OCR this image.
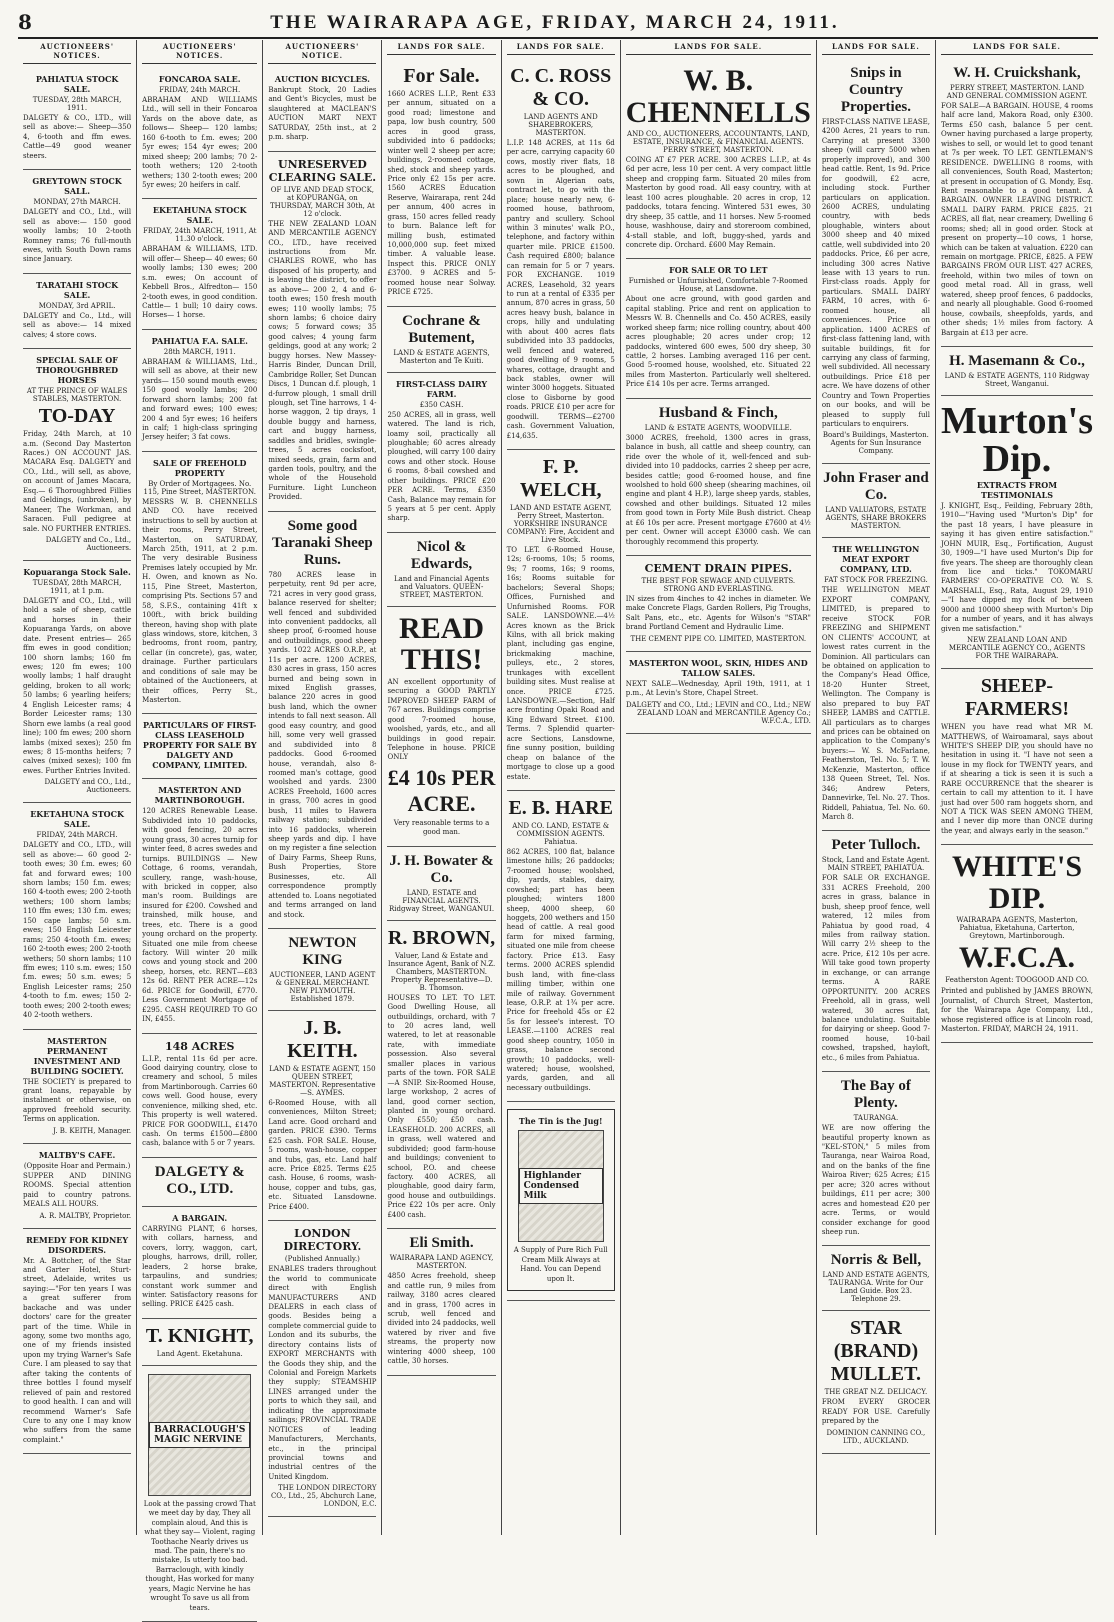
8	THE WAIRARAPA AGE, FRIDAY, MARCH 24, 1911.
AUCTIONEERS' NOTICES.
PAHIATUA STOCK SALE.
TUESDAY, 28th MARCH, 1911.

DALGETY & CO., LTD., will sell as above:— Sheep—350 4, 6-tooth and ffm ewes. Cattle—49 good weaner steers.

GREYTOWN STOCK SALL.
MONDAY, 27th MARCH.

DALGETY and CO., Ltd., will sell as above:— 150 good woolly lambs; 10 2-tooth Romney rams; 76 full-mouth ewes, with South Down rams since January.

TARATAHI STOCK SALE.
MONDAY, 3rd APRIL.

DALGETY and Co., Ltd., will sell as above:— 14 mixed calves; 4 store cows.

SPECIAL SALE OF THOROUGHBRED HORSES
AT THE PRINCE OF WALES STABLES, MASTERTON.
TO-DAY

Friday, 24th March, at 10 a.m. (Second Day Masterton Races.) ON ACCOUNT JAS. MACARA Esq. DALGETY and CO., Ltd., will sell, as above, on account of James Macara, Esq.— 6 Thoroughbred Fillies and Geldings, (unbroken), by Maneer, The Workman, and Saracen. Full pedigree at sale. NO FURTHER ENTRIES.

DALGETY and Co., Ltd., Auctioneers.

Kopuaranga Stock Sale.
TUESDAY, 28th MARCH, 1911, at 1 p.m.

DALGETY and CO., Ltd., will hold a sale of sheep, cattle and horses in their Kopuaranga Yards, on above date. Present entries— 265 ffm ewes in good condition; 100 shorn lambs; 160 fm ewes; 120 fm ewes; 100 woolly lambs; 1 half draught gelding, broken to all work; 50 lambs; 6 yearling heifers; 4 English Leicester rams; 4 Border Leicester rams; 130 Shorn ewe lambs (a real good line); 100 fm ewes; 200 shorn lambs (mixed sexes); 250 fm ewes; 8 15-months heifers; 7 calves (mixed sexes); 100 fm ewes. Further Entries Invited.

DALGETY and CO., Ltd., Auctioneers.

EKETAHUNA STOCK SALE.
FRIDAY, 24th MARCH.

DALGETY and CO., LTD., will sell as above:— 60 good 2-tooth ewes; 30 f.m. ewes; 60 fat and forward ewes; 100 shorn lambs; 150 f.m. ewes; 160 4-tooth ewes; 200 2-tooth wethers; 100 shorn lambs; 110 ffm ewes; 130 f.m. ewes; 150 cape lambs; 50 s.m. ewes; 150 English Leicester rams; 250 4-tooth f.m. ewes; 160 2-tooth ewes; 200 2-tooth wethers; 50 shorn lambs; 110 ffm ewes; 110 s.m. ewes; 150 f.m. ewes; 50 s.m. ewes; 5 English Leicester rams; 250 4-tooth to f.m. ewes; 150 2-tooth ewes; 200 2-tooth ewes; 40 2-tooth wethers.

MASTERTON PERMANENT INVESTMENT AND BUILDING SOCIETY.

THE SOCIETY is prepared to grant loans, repayable by instalment or otherwise, on approved freehold security. Terms on application.

J. B. KEITH, Manager.

MALTBY'S CAFE.
(Opposite Hoar and Permain.)

SUPPER AND DINING ROOMS. Special attention paid to country patrons. MEALS ALL HOURS.

A. R. MALTBY, Proprietor.

REMEDY FOR KIDNEY DISORDERS.

Mr. A. Bottcher, of the Star and Garter Hotel, Sturt-street, Adelaide, writes us saying:—"For ten years I was a great sufferer from backache and was under doctors' care for the greater part of the time. While in agony, some two months ago, one of my friends insisted upon my trying Warner's Safe Cure. I am pleased to say that after taking the contents of three bottles I found myself relieved of pain and restored to good health. I can and will recommend Warner's Safe Cure to any one I may know who suffers from the same complaint."

AUCTIONEERS' NOTICES.
FONCAROA SALE.
FRIDAY, 24th MARCH.

ABRAHAM AND WILLIAMS Ltd., will sell in their Foncaroa Yards on the above date, as follows— Sheep— 120 lambs; 160 6-tooth to f.m. ewes; 200 5yr ewes; 154 4yr ewes; 200 mixed sheep; 200 lambs; 70 2-tooth wethers; 120 2-tooth wethers; 130 2-tooth ewes; 200 5yr ewes; 20 heifers in calf.

EKETAHUNA STOCK SALE.
FRIDAY, 24th MARCH, 1911, At 11.30 o'clock.

ABRAHAM & WILLIAMS, LTD. will offer— Sheep— 40 ewes; 60 woolly lambs; 130 ewes; 200 s.m. ewes; On account of Kebbell Bros., Alfredton— 150 2-tooth ewes, in good condition. Cattle— 1 bull; 10 dairy cows. Horses— 1 horse.

PAHIATUA F.A. SALE.
28th MARCH, 1911.

ABRAHAM & WILLIAMS, Ltd., will sell as above, at their new yards— 150 sound mouth ewes; 150 good woolly lambs; 200 forward shorn lambs; 200 fat and forward ewes; 100 ewes; 200 4 and 5yr ewes; 16 heifers in calf; 1 high-class springing Jersey heifer; 3 fat cows.

SALE OF FREEHOLD PROPERTY
By Order of Mortgagees. No. 115, Pine Street, MASTERTON.

MESSRS W. B. CHENNELLS AND CO. have received instructions to sell by auction at their rooms, Perry Street, Masterton, on SATURDAY, March 25th, 1911, at 2 p.m. The very desirable Business Premises lately occupied by Mr. H. Owen, and known as No. 115, Pine Street, Masterton, comprising Pts. Sections 57 and 58, S.F.S., containing 41ft x 100ft., with brick building thereon, having shop with plate glass windows, store, kitchen, 3 bedrooms, front room, pantry, cellar (in concrete), gas, water, drainage. Further particulars and conditions of sale may be obtained of the Auctioneers, at their offices, Perry St., Masterton.

PARTICULARS OF FIRST-CLASS LEASEHOLD PROPERTY FOR SALE BY DALGETY AND COMPANY, LIMITED.
MASTERTON AND MARTINBOROUGH.

120 ACRES Renewable Lease. Subdivided into 10 paddocks, with good fencing, 20 acres young grass, 30 acres turnip for winter feed, 8 acres swedes and turnips. BUILDINGS — New Cottage, 6 rooms, verandah, scullery, range, wash-house, with bricked in copper, also man's room. Buildings are insured for £200. Cowshed and trainshed, milk house, and trees, etc. There is a good young orchard on the property. Situated one mile from cheese factory. Will winter 20 milk cows and young stock and 200 sheep, horses, etc. RENT—£83 12s 6d. RENT PER ACRE—12s 6d. PRICE for Goodwill, £770. Less Government Mortgage of £295. CASH REQUIRED TO GO IN, £455.

148 ACRES

L.I.P., rental 11s 6d per acre. Good dairying country, close to creamery and school, 5 miles from Martinborough. Carries 60 cows well. Good house, every convenience, milking shed, etc. This property is well watered. PRICE FOR GOODWILL, £1470 cash. On terms £1500—£800 cash, balance with 5 or 7 years.

DALGETY & CO., LTD.
A BARGAIN.

CARRYING PLANT, 6 horses, with collars, harness, and covers, lorry, waggon, cart, ploughs, harrows, drill, roller, leaders, 2 horse brake, tarpaulins, and sundries; constant work summer and winter. Satisfactory reasons for selling. PRICE £425 cash.

T. KNIGHT,
Land Agent. Eketahuna.
BARRACLOUGH'S MAGIC NERVINE

Look at the passing crowd That we meet day by day, They all complain aloud, And this is what they say— Violent, raging Toothache Nearly drives us mad. The pain, there's no mistake, Is utterly too bad. Barraclough, with kindly thought, Has worked for many years, Magic Nervine he has wrought To save us all from tears.

AUCTIONEERS' NOTICE.
AUCTION BICYCLES.

Bankrupt Stock, 20 Ladies and Gent's Bicycles, must be slaughtered at MACLEAN'S AUCTION MART NEXT SATURDAY, 25th inst., at 2 p.m. sharp.

UNRESERVED CLEARING SALE.
OF LIVE AND DEAD STOCK, at KOPURANGA, on THURSDAY, MARCH 30th, At 12 o'clock.

THE NEW ZEALAND LOAN AND MERCANTILE AGENCY CO., LTD., have received instructions from Mr. CHARLES ROWE, who has disposed of his property, and is leaving the district, to offer as above— 200 2, 4 and 6-tooth ewes; 150 fresh mouth ewes; 110 woolly lambs; 75 shorn lambs; 6 choice dairy cows; 5 forward cows; 35 good calves; 4 young farm geldings, good at any work; 2 buggy horses. New Massey-Harris Binder, Duncan Drill, Cambridge Roller, Set Duncan Discs, 1 Duncan d.f. plough, 1 d-furrow plough, 1 small drill plough, set Tine harrows, 1 4-horse waggon, 2 tip drays, 1 double buggy and harness, cart and buggy harness, saddles and bridles, swingle-trees, 5 acres cocksfoot, mixed seeds, grain, farm and garden tools, poultry, and the whole of the Household Furniture. Light Luncheon Provided.

Some good Taranaki Sheep Runs.

780 ACRES lease in perpetuity, rent 9d per acre, 721 acres in very good grass, balance reserved for shelter; well fenced and subdivided into convenient paddocks, all sheep proof, 6-roomed house and outbuildings, good sheep yards. 1022 ACRES O.R.P., at 11s per acre. 1200 ACRES, 830 acres in grass, 150 acres burned and being sown in mixed English grasses, balance 220 acres in good bush land, which the owner intends to fall next season. All good easy country, and good hill, some very well grassed and subdivided into 8 paddocks. Good 6-roomed house, verandah, also 8-roomed man's cottage, good woolshed and yards. 2300 ACRES Freehold, 1600 acres in grass, 700 acres in good bush, 11 miles to Hawera railway station; subdivided into 16 paddocks, wherein sheep yards and dip. I have on my register a fine selection of Dairy Farms, Sheep Runs, Bush Properties, Store Businesses, etc. All correspondence promptly attended to. Loans negotiated and terms arranged on land and stock.

NEWTON KING
AUCTIONEER, LAND AGENT & GENERAL MERCHANT. NEW PLYMOUTH. Established 1879.
J. B. KEITH.
LAND & ESTATE AGENT, 150 QUEEN STREET, MASTERTON. Representative—S. AYMES.

6-Roomed House, with all conveniences, Milton Street; Land acre. Good orchard and garden. PRICE £390. Terms £25 cash. FOR SALE. House, 5 rooms, wash-house, copper and tubs, gas, etc. Land half acre. Price £825. Terms £25 cash. House, 6 rooms, wash-house, copper and tubs, gas, etc. Situated Lansdowne. Price £400.

LONDON DIRECTORY.
(Published Annually.)

ENABLES traders throughout the world to communicate direct with English MANUFACTURERS AND DEALERS in each class of goods. Besides being a complete commercial guide to London and its suburbs, the directory contains lists of EXPORT MERCHANTS with the Goods they ship, and the Colonial and Foreign Markets they supply; STEAMSHIP LINES arranged under the ports to which they sail, and indicating the approximate sailings; PROVINCIAL TRADE NOTICES of leading Manufacturers, Merchants, etc., in the principal provincial towns and industrial centres of the United Kingdom.

THE LONDON DIRECTORY CO., Ltd., 25, Abchurch Lane, LONDON, E.C.

LANDS FOR SALE.
For Sale.

1660 ACRES L.I.P., Rent £33 per annum, situated on a good road; limestone and papa, low bush country, 500 acres in good grass, subdivided into 6 paddocks; winter well 2 sheep per acre; buildings, 2-roomed cottage, shed, stock and sheep yards. Price only £2 15s per acre. 1560 ACRES Education Reserve, Wairarapa, rent 24d per annum, 400 acres in grass, 150 acres felled ready to burn. Balance left for milling bush, estimated 10,000,000 sup. feet mixed timber. A valuable lease. Inspect this. PRICE ONLY £3700. 9 ACRES and 5-roomed house near Solway. PRICE £725.

Cochrane & Butement,
LAND & ESTATE AGENTS, Masterton and Te Kuiti.
FIRST-CLASS DAIRY FARM.
£350 CASH.

250 ACRES, all in grass, well watered. The land is rich, loamy soil, practically all ploughable; 60 acres already ploughed, will carry 100 dairy cows and other stock. House 6 rooms, 8-bail cowshed and other buildings. PRICE £20 PER ACRE. Terms, £350 Cash, Balance may remain for 5 years at 5 per cent. Apply sharp.

Nicol & Edwards,
Land and Financial Agents and Valuators. QUEEN-STREET, MASTERTON.
READ THIS!

AN excellent opportunity of securing a GOOD PARTLY IMPROVED SHEEP FARM of 767 acres. Buildings comprise good 7-roomed house, woolshed, yards, etc., and all buildings in good repair. Telephone in house. PRICE ONLY

£4 10s PER ACRE.

Very reasonable terms to a good man.

J. H. Bowater & Co.
LAND, ESTATE and FINANCIAL AGENTS. Ridgway Street, WANGANUI.
R. BROWN,
Valuer, Land & Estate and Insurance Agent, Bank of N.Z. Chambers, MASTERTON. Property Representative—D. B. Thomson.

HOUSES TO LET. TO LET. Good Dwelling House, all outbuildings, orchard, with 7 to 20 acres land, well watered, to let at reasonable rate, with immediate possession. Also several smaller places in various parts of the town. FOR SALE—A SNIP. Six-Roomed House, large workshop, 2 acres of land, good corner section, planted in young orchard. Only £550; £50 cash. LEASEHOLD. 200 ACRES, all in grass, well watered and subdivided; good farm-house and buildings; convenient to school, P.O. and cheese factory. 400 ACRES, all ploughable, good dairy farm, good house and outbuildings. Price £22 10s per acre. Only £400 cash.

Eli Smith.
WAIRARAPA LAND AGENCY, MASTERTON.

4850 Acres freehold, sheep and cattle run, 9 miles from railway, 3180 acres cleared and in grass, 1700 acres in scrub, well fenced and divided into 24 paddocks, well watered by river and five streams, the property now wintering 4000 sheep, 100 cattle, 30 horses.

LANDS FOR SALE.
C. C. ROSS & CO.
LAND AGENTS AND SHAREBROKERS, MASTERTON.

L.I.P. 148 ACRES, at 11s 6d per acre, carrying capacity 60 cows, mostly river flats, 18 acres to be ploughed, and sown in Algerian oats, contract let, to go with the place; house nearly new, 6-roomed house, bathroom, pantry and scullery. School within 3 minutes' walk P.O., telephone, and factory within quarter mile. PRICE £1500. Cash required £800; balance can remain for 5 or 7 years. FOR EXCHANGE. 1019 ACRES, Leasehold, 32 years to run at a rental of £335 per annum, 870 acres in grass, 50 acres heavy bush, balance in crops, hilly and undulating with about 400 acres flats subdivided into 33 paddocks, well fenced and watered, good dwelling of 9 rooms, 5 whares, cottage, draught and back stables, owner will winter 3000 hoggets. Situated close to Gisborne by good roads. PRICE £10 per acre for goodwill. TERMS—£2700 cash. Government Valuation, £14,635.

F. P. WELCH,
LAND AND ESTATE AGENT, Perry Street, Masterton. YORKSHIRE INSURANCE COMPANY: Fire, Accident and Live Stock.

TO LET. 6-Roomed House, 12s; 6-rooms, 10s; 5 rooms, 9s; 7 rooms, 16s; 9 rooms, 16s; Rooms suitable for bachelors; Several Shops; Offices, Furnished and Unfurnished Rooms. FOR SALE. LANSDOWNE.—4½ Acres known as the Brick Kilns, with all brick making plant, including gas engine, brickmaking machine, pulleys, etc., 2 stores, trunkages with excellent building sites. Must realise at once. PRICE £725. LANSDOWNE.—Section, Half acre fronting Opaki Road and King Edward Street. £100. Terms. 7 Splendid quarter-acre Sections, Lansdowne, fine sunny position, building cheap on balance of the mortgage to close up a good estate.

E. B. HARE
AND CO. LAND, ESTATE & COMMISSION AGENTS. Pahiatua.

862 ACRES, 100 flat, balance limestone hills; 26 paddocks; 7-roomed house; woolshed, dip, yards, stables, dairy, cowshed; part has been ploughed; winters 1800 sheep, 4000 sheep, 60 hoggets, 200 wethers and 150 head of cattle. A real good farm for mixed farming, situated one mile from cheese factory. Price £13. Easy terms. 2000 ACRES splendid bush land, with fine-class milling timber, within one mile of railway. Government lease, O.R.P. at 1¾ per acre. Price for freehold 45s or £2 5s for lessee's interest. TO LEASE.—1100 ACRES real good sheep country, 1050 in grass, balance second growth; 10 paddocks, well-watered; house, woolshed, yards, garden, and all necessary outbuildings.

The Tin is the Jug!
Highlander Condensed Milk

A Supply of Pure Rich Full Cream Milk Always at Hand. You can Depend upon It.

LANDS FOR SALE.
W. B. CHENNELLS
AND CO., AUCTIONEERS, ACCOUNTANTS, LAND, ESTATE, INSURANCE, & FINANCIAL AGENTS. PERRY STREET, MASTERTON.

COING AT £7 PER ACRE. 300 ACRES L.I.P., at 4s 6d per acre, less 10 per cent. A very compact little sheep and cropping farm. Situated 20 miles from Masterton by good road. All easy country, with at least 100 acres ploughable. 20 acres in crop, 12 paddocks, totara fencing. Wintered 531 ewes, 30 dry sheep, 35 cattle, and 11 horses. New 5-roomed house, washhouse, dairy and storeroom combined, 4-stall stable, and loft, buggy-shed, yards and concrete dip. Orchard. £600 May Remain.

FOR SALE OR TO LET
Furnished or Unfurnished, Comfortable 7-Roomed House, at Lansdowne.

About one acre ground, with good garden and capital stabling. Price and rent on application to Messrs W. B. Chennells and Co. 450 ACRES, easily worked sheep farm; nice rolling country, about 400 acres ploughable; 20 acres under crop; 12 paddocks, wintered 600 ewes, 500 dry sheep, 30 cattle, 2 horses. Lambing averaged 116 per cent. Good 5-roomed house, woolshed, etc. Situated 22 miles from Masterton. Particularly well sheltered. Price £14 10s per acre. Terms arranged.

Husband & Finch,
LAND & ESTATE AGENTS, WOODVILLE.

3000 ACRES, freehold, 1300 acres in grass, balance in bush, all cattle and sheep country, can ride over the whole of it, well-fenced and sub-divided into 10 paddocks, carries 2 sheep per acre, besides cattle; good 6-roomed house, and fine woolshed to hold 600 sheep (shearing machines, oil engine and plant 4 H.P.), large sheep yards, stables, cowshed and other buildings. Situated 12 miles from good town in Forty Mile Bush district. Cheap at £6 10s per acre. Present mortgage £7600 at 4½ per cent. Owner will accept £3000 cash. We can thoroughly recommend this property.

CEMENT DRAIN PIPES.
THE BEST FOR SEWAGE AND CULVERTS. STRONG AND EVERLASTING.

IN sizes from 4inches to 42 inches in diameter. We make Concrete Flags, Garden Rollers, Pig Troughs, Salt Pans, etc., etc. Agents for Wilson's "STAR" brand Portland Cement and Hydraulic Lime.

THE CEMENT PIPE CO. LIMITED, MASTERTON.

MASTERTON WOOL, SKIN, HIDES AND TALLOW SALES.

NEXT SALE—Wednesday, April 19th, 1911, at 1 p.m., At Levin's Store, Chapel Street.

DALGETY and CO., Ltd.; LEVIN and CO., Ltd.; NEW ZEALAND LOAN and MERCANTILE Agency Co.; W.F.C.A., LTD.

LANDS FOR SALE.
Snips in Country Properties.

FIRST-CLASS NATIVE LEASE, 4200 Acres, 21 years to run. Carrying at present 3300 sheep (will carry 5000 when properly improved), and 300 head cattle. Rent, 1s 9d. Price for goodwill, £2 acre, including stock. Further particulars on application. 2600 ACRES, undulating country, with beds ploughable, winters about 3000 sheep and 40 mixed cattle, well subdivided into 20 paddocks. Price, £6 per acre, including 300 acres Native lease with 13 years to run. First-class roads. Apply for particulars. SMALL DAIRY FARM, 10 acres, with 6-roomed house, all conveniences. Price on application. 1400 ACRES of first-class fattening land, with suitable buildings, fit for carrying any class of farming, well subdivided. All necessary outbuildings. Price £18 per acre. We have dozens of other Country and Town Properties on our books, and will be pleased to supply full particulars to enquirers.

Board's Buildings, Masterton. Agents for Sun Insurance Company.

John Fraser and Co.
LAND VALUATORS, ESTATE AGENTS, SHARE BROKERS MASTERTON.
THE WELLINGTON MEAT EXPORT COMPANY, LTD.
FAT STOCK FOR FREEZING.

THE WELLINGTON MEAT EXPORT COMPANY, LIMITED, is prepared to receive STOCK FOR FREEZING and SHIPMENT ON CLIENTS' ACCOUNT, at lowest rates current in the Dominion. All particulars can be obtained on application to the Company's Head Office, 18-20 Hunter Street, Wellington. The Company is also prepared to buy FAT SHEEP, LAMBS and CATTLE. All particulars as to charges and prices can be obtained on application to the Company's buyers:— W. S. McFarlane, Featherston, Tel. No. 5; T. W. McKenzie, Masterton, office 138 Queen Street, Tel. Nos. 346; Andrew Peters, Dannevirke, Tel. No. 27. Thos. Riddell, Pahiatua, Tel. No. 60. March 8.

Peter Tulloch.
Stock, Land and Estate Agent. MAIN STREET, PAHIATUA.

FOR SALE OR EXCHANGE. 331 ACRES Freehold, 200 acres in grass, balance in bush, sheep proof fence, well watered, 12 miles from Pahiatua by good road, 4 miles from railway station. Will carry 2½ sheep to the acre. Price, £12 10s per acre. Will take good town property in exchange, or can arrange terms. A RARE OPPORTUNITY. 200 ACRES Freehold, all in grass, well watered, 30 acres flat, balance undulating. Suitable for dairying or sheep. Good 7-roomed house, 10-bail cowshed, trapshed, hayloft, etc., 6 miles from Pahiatua.

The Bay of Plenty.
TAURANGA.

WE are now offering the beautiful property known as "KEL-STON," 5 miles from Tauranga, near Wairoa Road, and on the banks of the fine Wairoa River; 625 Acres; £15 per acre; 320 acres without buildings, £11 per acre; 300 acres and homestead £20 per acre. Terms, or would consider exchange for good sheep run.

Norris & Bell,
LAND AND ESTATE AGENTS, TAURANGA. Write for Our Land Guide. Box 23. Telephone 29.
STAR (BRAND) MULLET.
THE GREAT N.Z. DELICACY.

FROM EVERY GROCER READY FOR USE. Carefully prepared by the

DOMINION CANNING CO., LTD., AUCKLAND.

LANDS FOR SALE.
W. H. Cruickshank,
PERRY STREET, MASTERTON. LAND AND GENERAL COMMISSION AGENT.

FOR SALE—A BARGAIN. HOUSE, 4 rooms half acre land, Makora Road, only £300. Terms £50 cash, balance 5 per cent. Owner having purchased a large property, wishes to sell, or would let to good tenant at 7s per week. TO LET. GENTLEMAN'S RESIDENCE. DWELLING 8 rooms, with all conveniences, South Road, Masterton; at present in occupation of G. Mondy, Esq. Rent reasonable to a good tenant. A BARGAIN. OWNER LEAVING DISTRICT. SMALL DAIRY FARM. PRICE £825. 21 ACRES, all flat, near creamery, Dwelling 6 rooms; shed; all in good order. Stock at present on property—10 cows, 1 horse, which can be taken at valuation. £220 can remain on mortgage. PRICE, £825. A FEW BARGAINS FROM OUR LIST. 427 ACRES, freehold, within two miles of town on good metal road. All in grass, well watered, sheep proof fences, 6 paddocks, and nearly all ploughable. Good 6-roomed house, cowbails, sheepfolds, yards, and other sheds; 1½ miles from factory. A Bargain at £13 per acre.

H. Masemann & Co.,
LAND & ESTATE AGENTS, 110 Ridgway Street, Wanganui.
Murton's Dip.
EXTRACTS FROM TESTIMONIALS

J. KNIGHT, Esq., Feilding, February 28th, 1910—"Having used "Murton's Dip" for the past 18 years, I have pleasure in saying it has given entire satisfaction." JOHN MUIR, Esq., Fortification, August 30, 1909—"I have used Murton's Dip for five years. The sheep are thoroughly clean from lice and ticks." TOKOMARU FARMERS' CO-OPERATIVE CO. W. S. MARSHALL, Esq., Rata, August 29, 1910—"I have dipped my flock of between 9000 and 10000 sheep with Murton's Dip for a number of years, and it has always given me satisfaction."

NEW ZEALAND LOAN AND MERCANTILE AGENCY CO., AGENTS FOR THE WAIRARAPA.

SHEEP-FARMERS!

WHEN you have read what MR M. MATTHEWS, of Wairoamaral, says about WHITE'S SHEEP DIP, you should have no hesitation in using it. "I have not seen a louse in my flock for TWENTY years, and if at shearing a tick is seen it is such a RARE OCCURRENCE that the shearer is certain to call my attention to it. I have just had over 500 ram hoggets shorn, and NOT A TICK WAS SEEN AMONG THEM, and I never dip more than ONCE during the year, and always early in the season."

WHITE'S DIP.
WAIRARAPA AGENTS, Masterton, Pahiatua, Eketahuna, Carterton, Greytown, Martinborough.
W.F.C.A.

Featherston Agent: TOOGOOD AND CO.

Printed and published by JAMES BROWN, Journalist, of Church Street, Masterton, for the Wairarapa Age Company, Ltd., whose registered office is at Lincoln road, Masterton. FRIDAY, MARCH 24, 1911.
